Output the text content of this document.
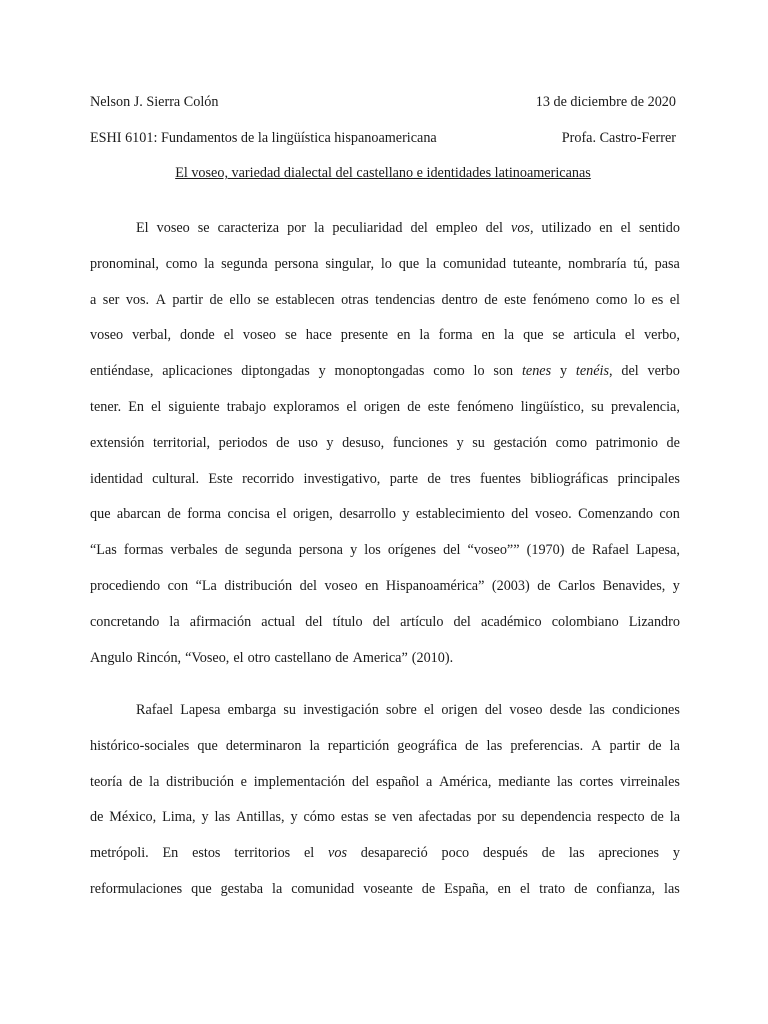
Nelson J. Sierra Colón	13 de diciembre de 2020
ESHI 6101: Fundamentos de la lingüística hispanoamericana	Profa. Castro-Ferrer
El voseo, variedad dialectal del castellano e identidades latinoamericanas
El voseo se caracteriza por la peculiaridad del empleo del vos, utilizado en el sentido
pronominal, como la segunda persona singular, lo que la comunidad tuteante, nombraría tú, pasa
a ser vos. A partir de ello se establecen otras tendencias dentro de este fenómeno como lo es el
voseo verbal, donde el voseo se hace presente en la forma en la que se articula el verbo,
entiéndase, aplicaciones diptongadas y monoptongadas como lo son tenes y tenéis, del verbo
tener. En el siguiente trabajo exploramos el origen de este fenómeno lingüístico, su prevalencia,
extensión territorial, periodos de uso y desuso, funciones y su gestación como patrimonio de
identidad cultural. Este recorrido investigativo, parte de tres fuentes bibliográficas principales
que abarcan de forma concisa el origen, desarrollo y establecimiento del voseo. Comenzando con
“Las formas verbales de segunda persona y los orígenes del “voseo”” (1970) de Rafael Lapesa,
procediendo con “La distribución del voseo en Hispanoamérica” (2003) de Carlos Benavides, y
concretando la afirmación actual del título del artículo del académico colombiano Lizandro
Angulo Rincón, “Voseo, el otro castellano de America” (2010).
Rafael Lapesa embarga su investigación sobre el origen del voseo desde las condiciones
histórico-sociales que determinaron la repartición geográfica de las preferencias. A partir de la
teoría de la distribución e implementación del español a América, mediante las cortes virreinales
de México, Lima, y las Antillas, y cómo estas se ven afectadas por su dependencia respecto de la
metrópoli. En estos territorios el vos desapareció poco después de las apreciones y
reformulaciones que gestaba la comunidad voseante de España, en el trato de confianza, las
